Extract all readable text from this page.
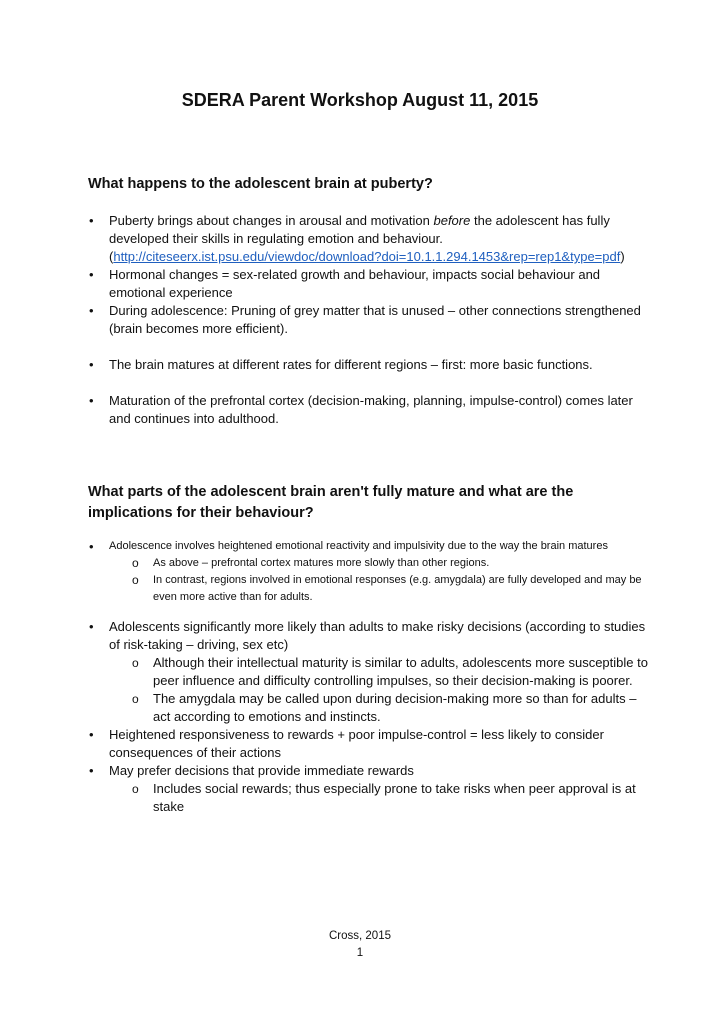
SDERA Parent Workshop August 11, 2015
What happens to the adolescent brain at puberty?
• Puberty brings about changes in arousal and motivation before the adolescent has fully developed their skills in regulating emotion and behaviour.
(http://citeseerx.ist.psu.edu/viewdoc/download?doi=10.1.1.294.1453&rep=rep1&type=pdf)
• Hormonal changes = sex-related growth and behaviour, impacts social behaviour and emotional experience
• During adolescence: Pruning of grey matter that is unused – other connections strengthened (brain becomes more efficient).
• The brain matures at different rates for different regions – first: more basic functions.
• Maturation of the prefrontal cortex (decision-making, planning, impulse-control) comes later and continues into adulthood.
What parts of the adolescent brain aren't fully mature and what are the implications for their behaviour?
• Adolescence involves heightened emotional reactivity and impulsivity due to the way the brain matures
o As above – prefrontal cortex matures more slowly than other regions.
o In contrast, regions involved in emotional responses (e.g. amygdala) are fully developed and may be even more active than for adults.
• Adolescents significantly more likely than adults to make risky decisions (according to studies of risk-taking – driving, sex etc)
o Although their intellectual maturity is similar to adults, adolescents more susceptible to peer influence and difficulty controlling impulses, so their decision-making is poorer.
o The amygdala may be called upon during decision-making more so than for adults – act according to emotions and instincts.
• Heightened responsiveness to rewards + poor impulse-control = less likely to consider consequences of their actions
• May prefer decisions that provide immediate rewards
o Includes social rewards; thus especially prone to take risks when peer approval is at stake
Cross, 2015
1
